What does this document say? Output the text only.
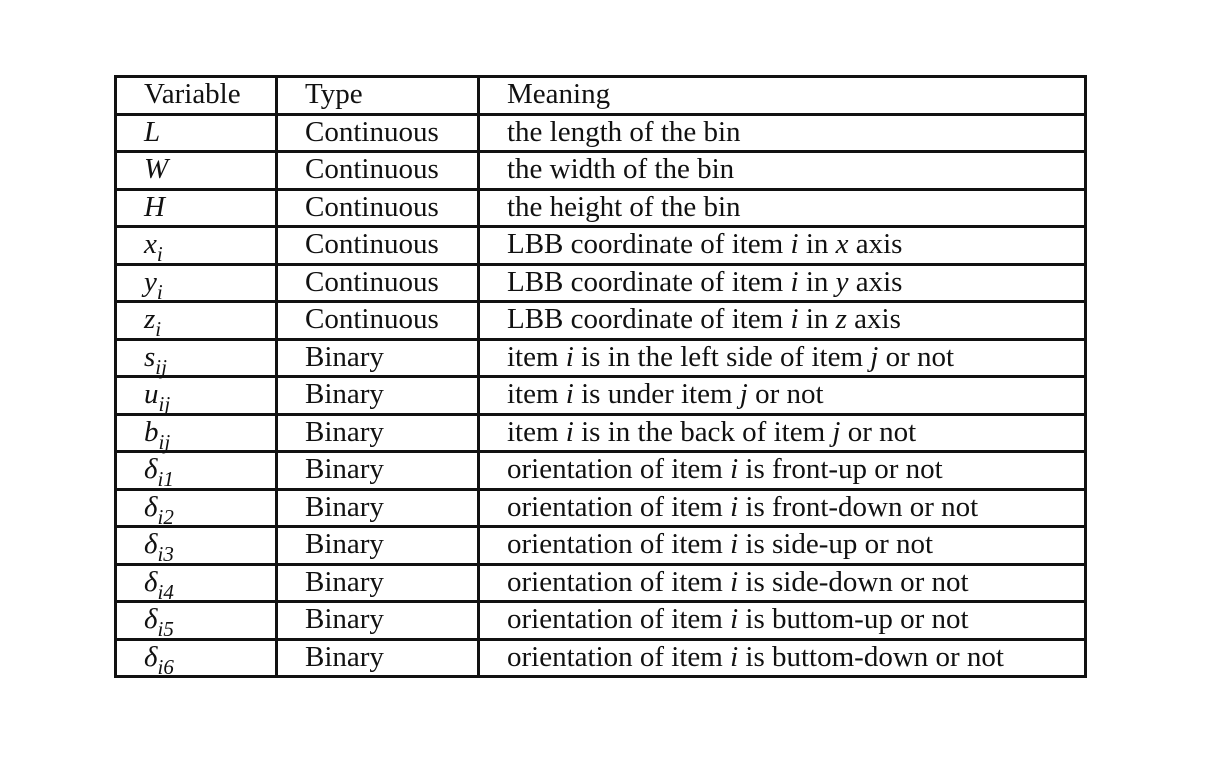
Variable	Type	Meaning
L	Continuous	the length of the bin
W	Continuous	the width of the bin
H	Continuous	the height of the bin
$x_i$	Continuous	LBB coordinate of item i in x axis
$y_i$	Continuous	LBB coordinate of item i in y axis
$z_i$	Continuous	LBB coordinate of item i in z axis
$s_{ij}$	Binary	item i is in the left side of item j or not
$u_{ij}$	Binary	item i is under item j or not
$b_{ij}$	Binary	item i is in the back of item j or not
$\delta_{i1}$	Binary	orientation of item i is front-up or not
$\delta_{i2}$	Binary	orientation of item i is front-down or not
$\delta_{i3}$	Binary	orientation of item i is side-up or not
$\delta_{i4}$	Binary	orientation of item i is side-down or not
$\delta_{i5}$	Binary	orientation of item i is buttom-up or not
$\delta_{i6}$	Binary	orientation of item i is buttom-down or not
